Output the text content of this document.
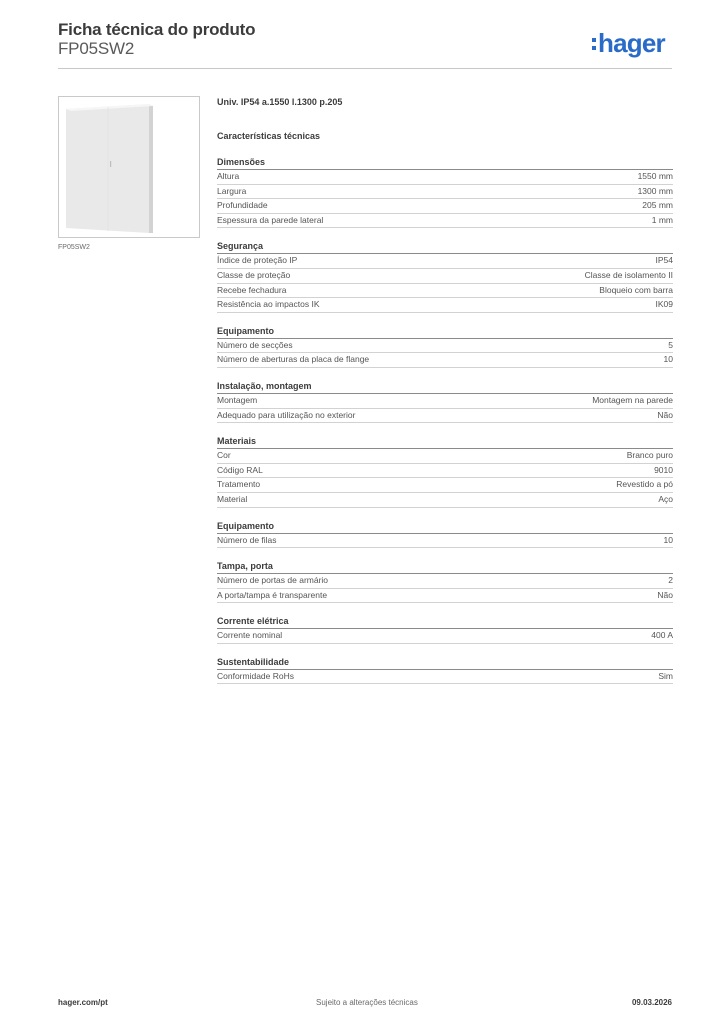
Ficha técnica do produto
FP05SW2	hager
FP05SW2
Univ. IP54 a.1550 l.1300 p.205
Características técnicas
Dimensões
Altura	1550 mm
Largura	1300 mm
Profundidade	205 mm
Espessura da parede lateral	1 mm
Segurança
Índice de proteção IP	IP54
Classe de proteção	Classe de isolamento II
Recebe fechadura	Bloqueio com barra
Resistência ao impactos IK	IK09
Equipamento
Número de secções	5
Número de aberturas da placa de flange	10
Instalação, montagem
Montagem	Montagem na parede
Adequado para utilização no exterior	Não
Materiais
Cor	Branco puro
Código RAL	9010
Tratamento	Revestido a pó
Material	Aço
Equipamento
Número de filas	10
Tampa, porta
Número de portas de armário	2
A porta/tampa é transparente	Não
Corrente elétrica
Corrente nominal	400 A
Sustentabilidade
Conformidade RoHs	Sim
hager.com/pt	Sujeito a alterações técnicas	09.03.2026
